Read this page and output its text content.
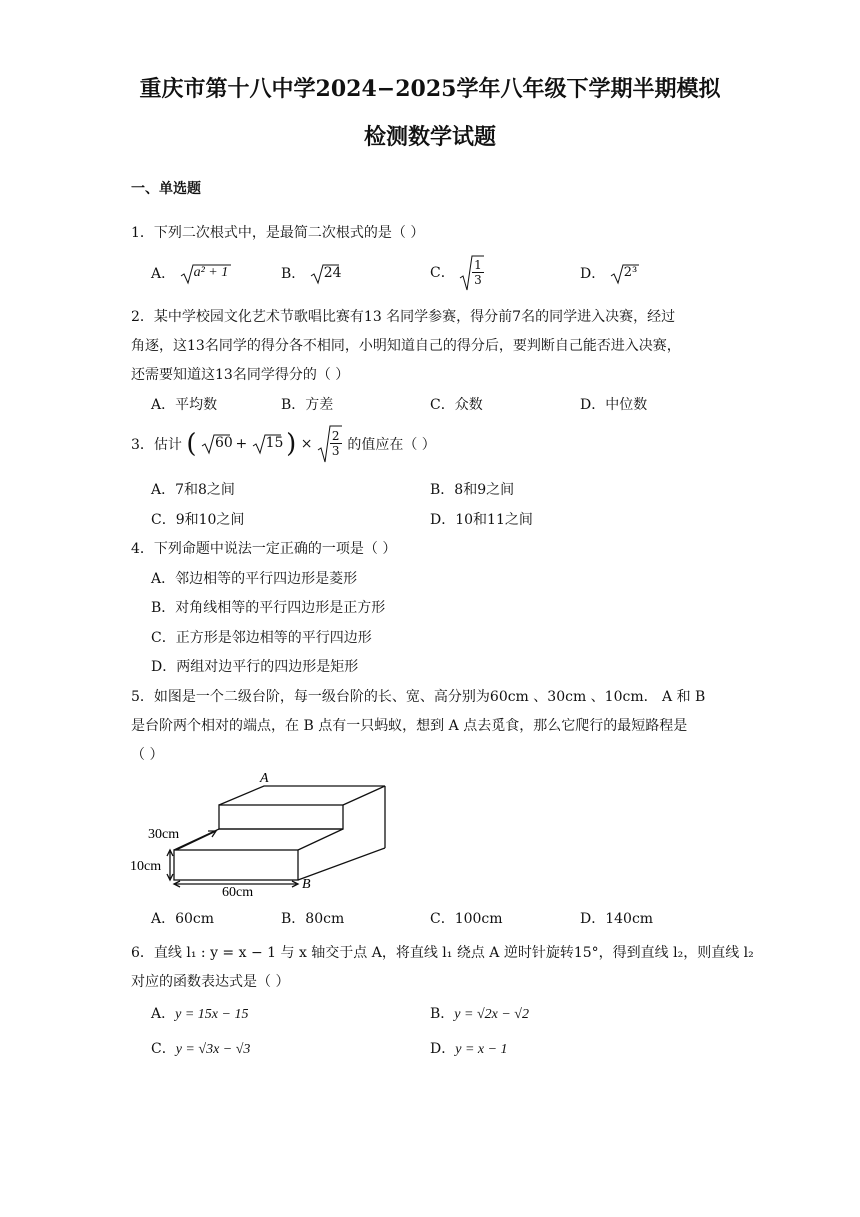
重庆市第十八中学2024−2025学年八年级下学期半期模拟
检测数学试题
一、单选题
1．下列二次根式中，是最简二次根式的是（ ）
A． a² + 1	B． 24	C． $\frac{1}{3}$	D． 2³
2．某中学校园文化艺术节歌唱比赛有13 名同学参赛，得分前7名的同学进入决赛，经过
角逐，这13名同学的得分各不相同，小明知道自己的得分后，要判断自己能否进入决赛，
还需要知道这13名同学得分的（ ）
A．平均数	B．方差	C．众数	D．中位数
3．估计 ( 60 + 15 ) × $\frac{2}{3}$ 的值应在（ ）
A．7和8之间	B．8和9之间
C．9和10之间	D．10和11之间
4．下列命题中说法一定正确的一项是（ ）
A．邻边相等的平行四边形是菱形
B．对角线相等的平行四边形是正方形
C．正方形是邻边相等的平行四边形
D．两组对边平行的四边形是矩形
5．如图是一个二级台阶，每一级台阶的长、宽、高分别为60cm 、30cm 、10cm． A 和 B
是台阶两个相对的端点，在 B 点有一只蚂蚁，想到 A 点去觅食，那么它爬行的最短路程是
（ ）
A
B
30cm
10cm
60cm
A．60cm	B．80cm	C．100cm	D．140cm
6．直线 l₁ : y = x − 1 与 x 轴交于点 A，将直线 l₁ 绕点 A 逆时针旋转15°，得到直线 l₂，则直线 l₂
对应的函数表达式是（ ）
A．y = 15x − 15	B．y = √2x − √2
C．y = √3x − √3	D．y = x − 1
